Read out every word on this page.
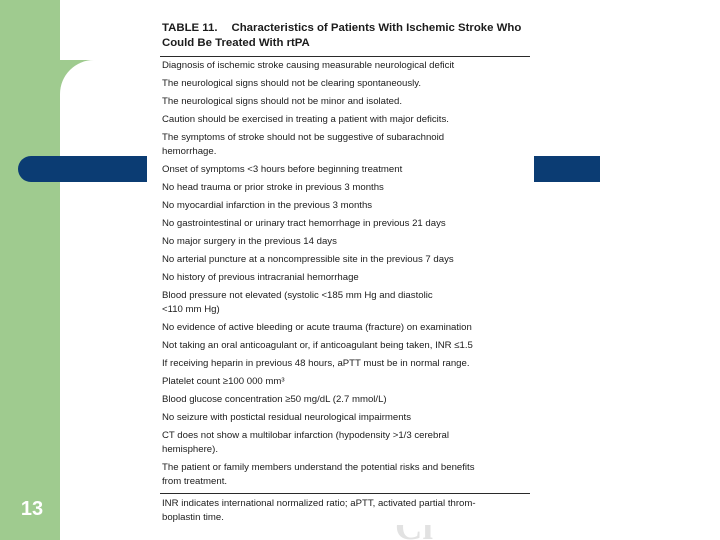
13
TABLE 11. Characteristics of Patients With Ischemic Stroke Who Could Be Treated With rtPA
Diagnosis of ischemic stroke causing measurable neurological deficit
The neurological signs should not be clearing spontaneously.
The neurological signs should not be minor and isolated.
Caution should be exercised in treating a patient with major deficits.
The symptoms of stroke should not be suggestive of subarachnoid
hemorrhage.
Onset of symptoms <3 hours before beginning treatment
No head trauma or prior stroke in previous 3 months
No myocardial infarction in the previous 3 months
No gastrointestinal or urinary tract hemorrhage in previous 21 days
No major surgery in the previous 14 days
No arterial puncture at a noncompressible site in the previous 7 days
No history of previous intracranial hemorrhage
Blood pressure not elevated (systolic <185 mm Hg and diastolic
<110 mm Hg)
No evidence of active bleeding or acute trauma (fracture) on examination
Not taking an oral anticoagulant or, if anticoagulant being taken, INR ≤1.5
If receiving heparin in previous 48 hours, aPTT must be in normal range.
Platelet count ≥100 000 mm³
Blood glucose concentration ≥50 mg/dL (2.7 mmol/L)
No seizure with postictal residual neurological impairments
CT does not show a multilobar infarction (hypodensity >1/3 cerebral
hemisphere).
The patient or family members understand the potential risks and benefits
from treatment.
INR indicates international normalized ratio; aPTT, activated partial throm-
boplastin time.
